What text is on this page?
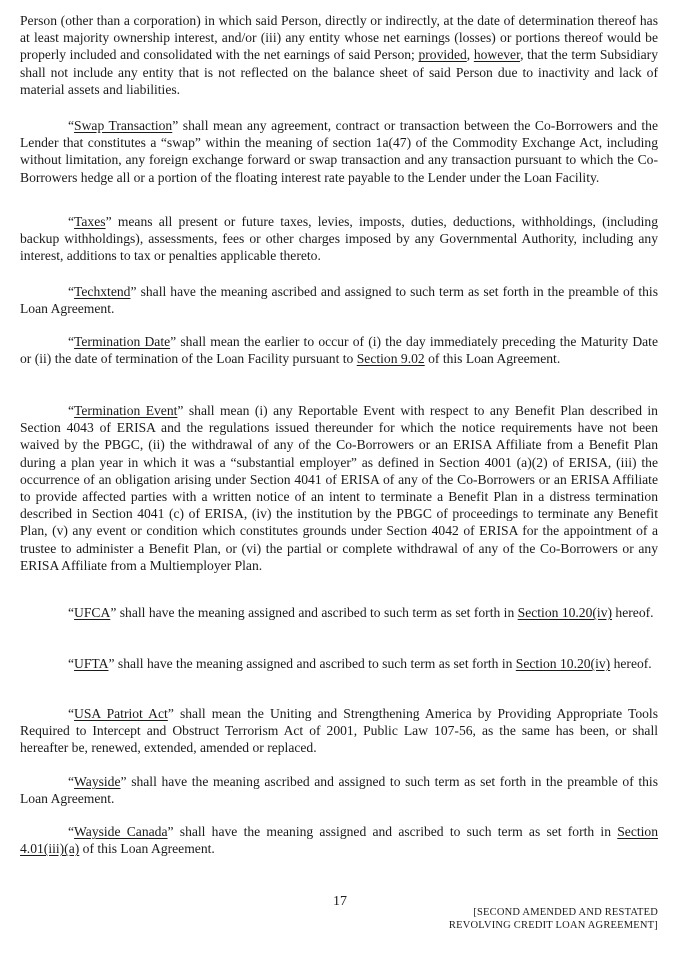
Person (other than a corporation) in which said Person, directly or indirectly, at the date of determination thereof has at least majority ownership interest, and/or (iii) any entity whose net earnings (losses) or portions thereof would be properly included and consolidated with the net earnings of said Person; provided, however, that the term Subsidiary shall not include any entity that is not reflected on the balance sheet of said Person due to inactivity and lack of material assets and liabilities.

“Swap Transaction” shall mean any agreement, contract or transaction between the Co-Borrowers and the Lender that constitutes a “swap” within the meaning of section 1a(47) of the Commodity Exchange Act, including without limitation, any foreign exchange forward or swap transaction and any transaction pursuant to which the Co-Borrowers hedge all or a portion of the floating interest rate payable to the Lender under the Loan Facility.

“Taxes” means all present or future taxes, levies, imposts, duties, deductions, withholdings, (including backup withholdings), assessments, fees or other charges imposed by any Governmental Authority, including any interest, additions to tax or penalties applicable thereto.

“Techxtend” shall have the meaning ascribed and assigned to such term as set forth in the preamble of this Loan Agreement.

“Termination Date” shall mean the earlier to occur of (i) the day immediately preceding the Maturity Date or (ii) the date of termination of the Loan Facility pursuant to Section 9.02 of this Loan Agreement.

“Termination Event” shall mean (i) any Reportable Event with respect to any Benefit Plan described in Section 4043 of ERISA and the regulations issued thereunder for which the notice requirements have not been waived by the PBGC, (ii) the withdrawal of any of the Co-Borrowers or an ERISA Affiliate from a Benefit Plan during a plan year in which it was a “substantial employer” as defined in Section 4001 (a)(2) of ERISA, (iii) the occurrence of an obligation arising under Section 4041 of ERISA of any of the Co-Borrowers or an ERISA Affiliate to provide affected parties with a written notice of an intent to terminate a Benefit Plan in a distress termination described in Section 4041 (c) of ERISA, (iv) the institution by the PBGC of proceedings to terminate any Benefit Plan, (v) any event or condition which constitutes grounds under Section 4042 of ERISA for the appointment of a trustee to administer a Benefit Plan, or (vi) the partial or complete withdrawal of any of the Co-Borrowers or any ERISA Affiliate from a Multiemployer Plan.

“UFCA” shall have the meaning assigned and ascribed to such term as set forth in Section 10.20(iv) hereof.

“UFTA” shall have the meaning assigned and ascribed to such term as set forth in Section 10.20(iv) hereof.

“USA Patriot Act” shall mean the Uniting and Strengthening America by Providing Appropriate Tools Required to Intercept and Obstruct Terrorism Act of 2001, Public Law 107-56, as the same has been, or shall hereafter be, renewed, extended, amended or replaced.

“Wayside” shall have the meaning ascribed and assigned to such term as set forth in the preamble of this Loan Agreement.

“Wayside Canada” shall have the meaning assigned and ascribed to such term as set forth in Section 4.01(iii)(a) of this Loan Agreement.

17
[SECOND AMENDED AND RESTATED
REVOLVING CREDIT LOAN AGREEMENT]
